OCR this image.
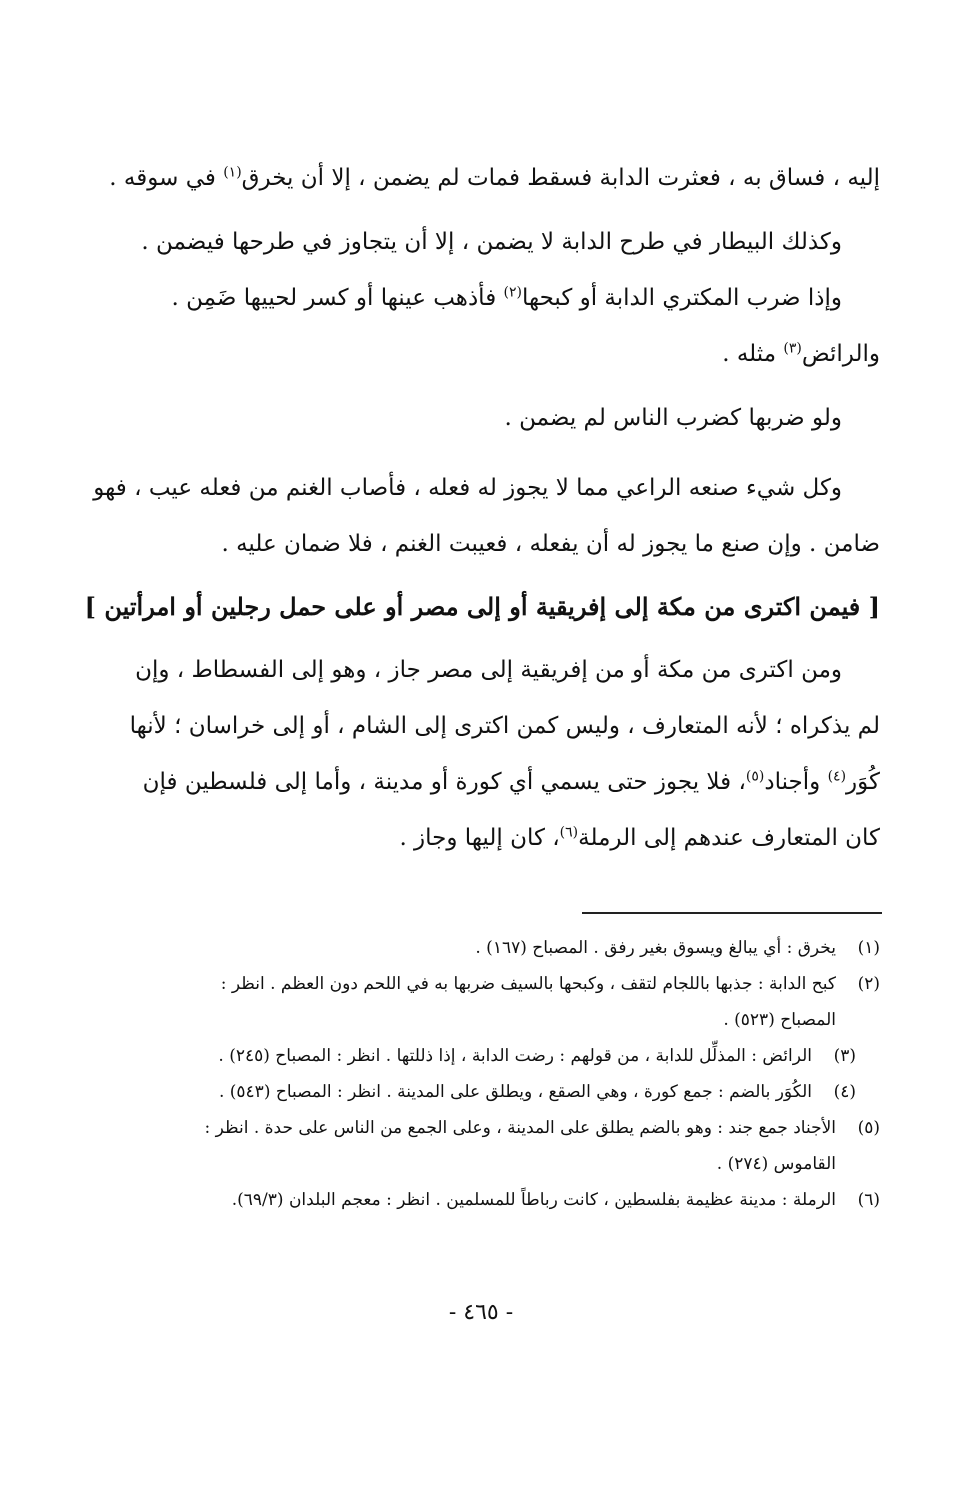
إليه ، فساق به ، فعثرت الدابة فسقط فمات لم يضمن ، إلا أن يخرق$^{(١)}$ في سوقه .

وكذلك البيطار في طرح الدابة لا يضمن ، إلا أن يتجاوز في طرحها فيضمن .

وإذا ضرب المكتري الدابة أو كبحها$^{(٢)}$ فأذهب عينها أو كسر لحييها ضَمِن .

والرائض$^{(٣)}$ مثله .

ولو ضربها كضرب الناس لم يضمن .

وكل شيء صنعه الراعي مما لا يجوز له فعله ، فأصاب الغنم من فعله عيب ، فهو

ضامن . وإن صنع ما يجوز له أن يفعله ، فعيبت الغنم ، فلا ضمان عليه .

[ فيمن اكترى من مكة إلى إفريقية أو إلى مصر أو على حمل رجلين أو امرأتين ]

ومن اكترى من مكة أو من إفريقية إلى مصر جاز ، وهو إلى الفسطاط ، وإن

لم يذكراه ؛ لأنه المتعارف ، وليس كمن اكترى إلى الشام ، أو إلى خراسان ؛ لأنها

كُوَر$^{(٤)}$ وأجناد$^{(٥)}$، فلا يجوز حتى يسمي أي كورة أو مدينة ، وأما إلى فلسطين فإن

كان المتعارف عندهم إلى الرملة$^{(٦)}$، كان إليها وجاز .

(١)
يخرق : أي يبالغ ويسوق بغير رفق . المصباح (١٦٧) .
(٢)
كبح الدابة : جذبها باللجام لتقف ، وكبحها بالسيف ضربها به في اللحم دون العظم . انظر :
المصباح (٥٢٣) .
(٣)
الرائض : المذلِّل للدابة ، من قولهم : رضت الدابة ، إذا ذللتها . انظر : المصباح (٢٤٥) .
(٤)
الكُوَر بالضم : جمع كورة ، وهي الصقع ، ويطلق على المدينة . انظر : المصباح (٥٤٣) .
(٥)
الأجناد جمع جند : وهو بالضم يطلق على المدينة ، وعلى الجمع من الناس على حدة . انظر :
القاموس (٢٧٤) .
(٦)
الرملة : مدينة عظيمة بفلسطين ، كانت رباطاً للمسلمين . انظر : معجم البلدان (٦٩/٣).
- ٤٦٥ -
